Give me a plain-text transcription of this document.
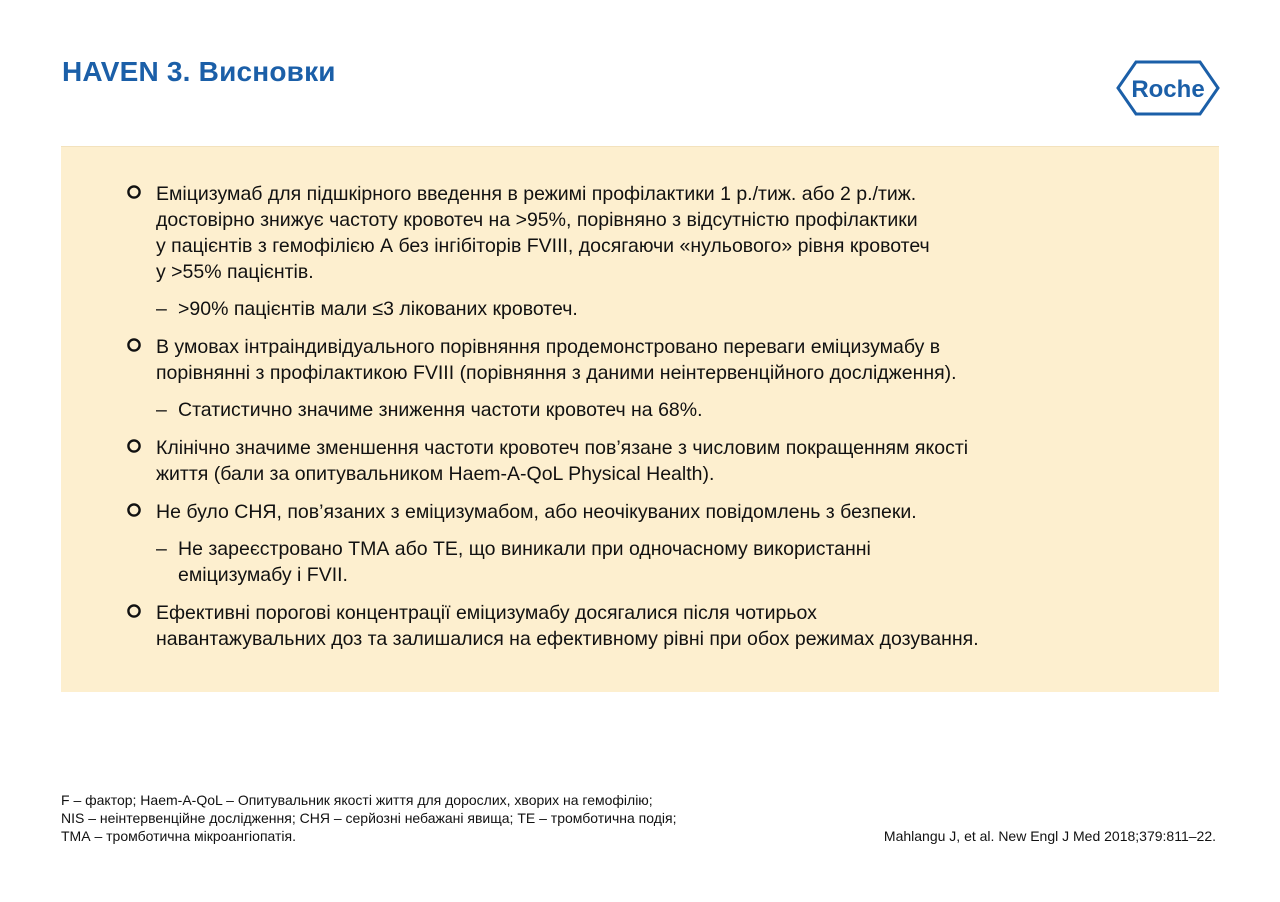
HAVEN 3. Висновки
Roche
Еміцизумаб для підшкірного введення в режимі профілактики 1 р./тиж. або 2 р./тиж.
достовірно знижує частоту кровотеч на >95%, порівняно з відсутністю профілактики
у пацієнтів з гемофілією А без інгібіторів FVIII, досягаючи «нульового» рівня кровотеч
у >55% пацієнтів.
– >90% пацієнтів мали ≤3 лікованих кровотеч.
В умовах інтраіндивідуального порівняння продемонстровано переваги еміцизумабу в
порівнянні з профілактикою FVIII (порівняння з даними неінтервенційного дослідження).
– Статистично значиме зниження частоти кровотеч на 68%.
Клінічно значиме зменшення частоти кровотеч пов’язане з числовим покращенням якості
життя (бали за опитувальником Haem-A-QoL Physical Health).
Не було СНЯ, пов’язаних з еміцизумабом, або неочікуваних повідомлень з безпеки.
– Не зареєстровано ТМА або ТЕ, що виникали при одночасному використанні
еміцизумабу і FVII.
Ефективні порогові концентрації еміцизумабу досягалися після чотирьох
навантажувальних доз та залишалися на ефективному рівні при обох режимах дозування.
F – фактор; Haem-A-QoL – Опитувальник якості життя для дорослих, хворих на гемофілію;
NIS – неінтервенційне дослідження; СНЯ – серйозні небажані явища; ТЕ – тромботична подія;
ТМА – тромботична мікроангіопатія.	Mahlangu J, et al. New Engl J Med 2018;379:811–22.
